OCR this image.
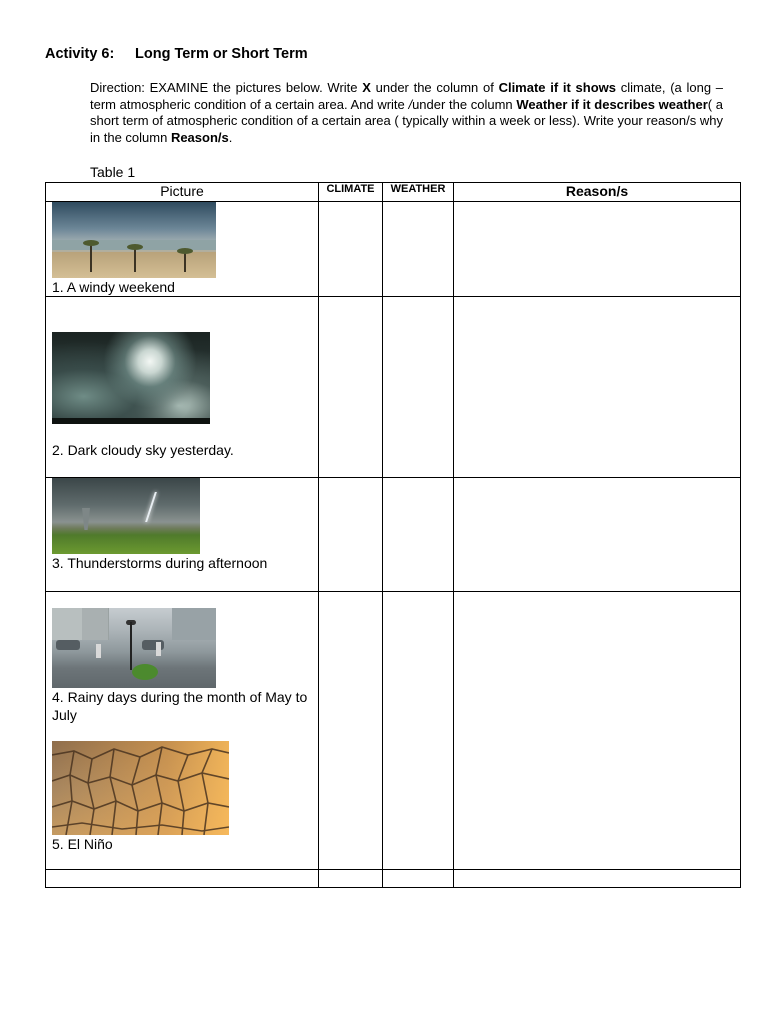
Activity 6: Long Term or Short Term
Direction: EXAMINE the pictures below. Write X under the column of Climate if it shows climate, (a long – term atmospheric condition of a certain area. And write /under the column Weather if it describes weather( a short term of atmospheric condition of a certain area ( typically within a week or less). Write your reason/s why in the column Reason/s.
Table 1
Picture	CLIMATE	WEATHER	Reason/s

1. A windy weekend			

2. Dark cloudy sky yesterday.			

3. Thunderstorms during afternoon			

4. Rainy days during the month of May to July
5. El Niño			
